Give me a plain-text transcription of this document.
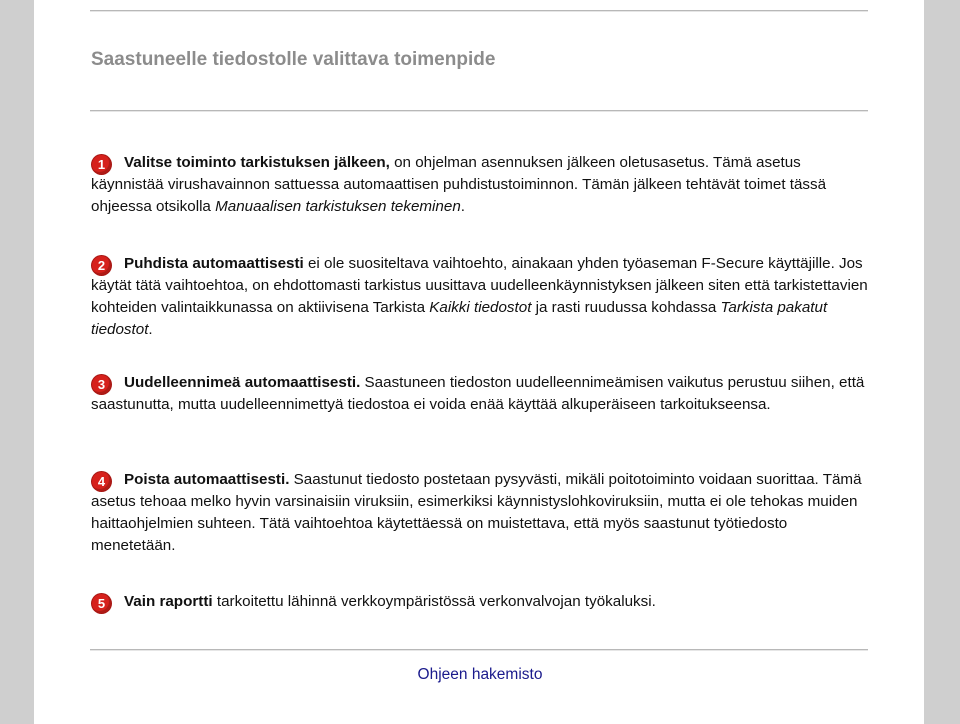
Saastuneelle tiedostolle valittava toimenpide
1 Valitse toiminto tarkistuksen jälkeen, on ohjelman asennuksen jälkeen oletusasetus. Tämä asetus käynnistää virushavainnon sattuessa automaattisen puhdistustoiminnon. Tämän jälkeen tehtävät toimet tässä ohjeessa otsikolla Manuaalisen tarkistuksen tekeminen.
2 Puhdista automaattisesti ei ole suositeltava vaihtoehto, ainakaan yhden työaseman F-Secure käyttäjille. Jos käytät tätä vaihtoehtoa, on ehdottomasti tarkistus uusittava uudelleenkäynnistyksen jälkeen siten että tarkistettavien kohteiden valintaikkunassa on aktiivisena Tarkista Kaikki tiedostot ja rasti ruudussa kohdassa Tarkista pakatut tiedostot.
3 Uudelleennimeä automaattisesti. Saastuneen tiedoston uudelleennimeämisen vaikutus perustuu siihen, että saastunutta, mutta uudelleennimettyä tiedostoa ei voida enää käyttää alkuperäiseen tarkoitukseensa.
4 Poista automaattisesti. Saastunut tiedosto postetaan pysyvästi, mikäli poitotoiminto voidaan suorittaa. Tämä asetus tehoaa melko hyvin varsinaisiin viruksiin, esimerkiksi käynnistyslohkoviruksiin, mutta ei ole tehokas muiden haittaohjelmien suhteen. Tätä vaihtoehtoa käytettäessä on muistettava, että myös saastunut työtiedosto menetetään.
5 Vain raportti tarkoitettu lähinnä verkkoympäristössä verkonvalvojan työkaluksi.
Ohjeen hakemisto
